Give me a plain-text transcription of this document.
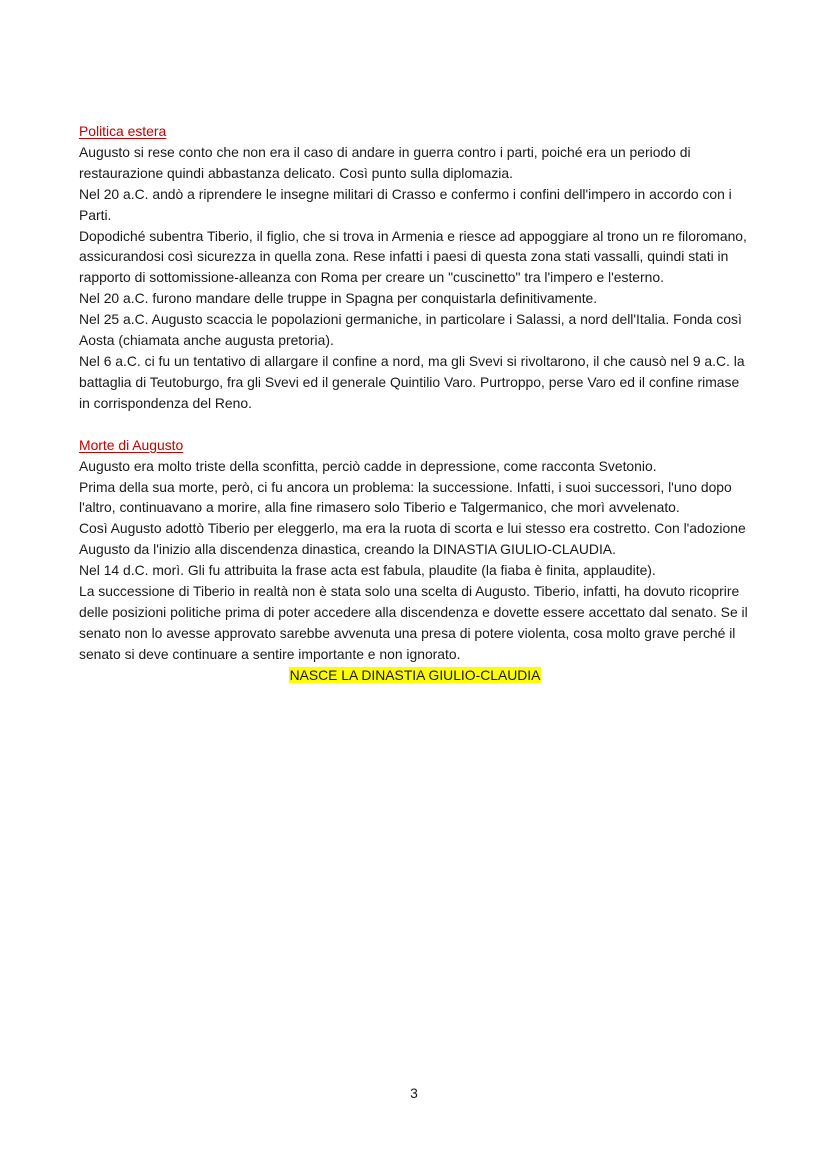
Politica estera

Augusto si rese conto che non era il caso di andare in guerra contro i parti, poiché era un periodo di restaurazione quindi abbastanza delicato. Così punto sulla diplomazia.

Nel 20 a.C. andò a riprendere le insegne militari di Crasso e confermo i confini dell'impero in accordo con i Parti.

Dopodiché subentra Tiberio, il figlio, che si trova in Armenia e riesce ad appoggiare al trono un re filoromano, assicurandosi così sicurezza in quella zona. Rese infatti i paesi di questa zona stati vassalli, quindi stati in rapporto di sottomissione-alleanza con Roma per creare un "cuscinetto" tra l'impero e l'esterno.

Nel 20 a.C. furono mandare delle truppe in Spagna per conquistarla definitivamente.

Nel 25 a.C. Augusto scaccia le popolazioni germaniche, in particolare i Salassi, a nord dell'Italia. Fonda così Aosta (chiamata anche augusta pretoria).

Nel 6 a.C. ci fu un tentativo di allargare il confine a nord, ma gli Svevi si rivoltarono, il che causò nel 9 a.C. la battaglia di Teutoburgo, fra gli Svevi ed il generale Quintilio Varo. Purtroppo, perse Varo ed il confine rimase in corrispondenza del Reno.

Morte di Augusto

Augusto era molto triste della sconfitta, perciò cadde in depressione, come racconta Svetonio.

Prima della sua morte, però, ci fu ancora un problema: la successione. Infatti, i suoi successori, l'uno dopo l'altro, continuavano a morire, alla fine rimasero solo Tiberio e Talgermanico, che morì avvelenato.

Così Augusto adottò Tiberio per eleggerlo, ma era la ruota di scorta e lui stesso era costretto. Con l'adozione Augusto da l'inizio alla discendenza dinastica, creando la DINASTIA GIULIO-CLAUDIA.

Nel 14 d.C. morì. Gli fu attribuita la frase acta est fabula, plaudite (la fiaba è finita, applaudite).

La successione di Tiberio in realtà non è stata solo una scelta di Augusto. Tiberio, infatti, ha dovuto ricoprire delle posizioni politiche prima di poter accedere alla discendenza e dovette essere accettato dal senato. Se il senato non lo avesse approvato sarebbe avvenuta una presa di potere violenta, cosa molto grave perché il senato si deve continuare a sentire importante e non ignorato.

NASCE LA DINASTIA GIULIO-CLAUDIA

3
